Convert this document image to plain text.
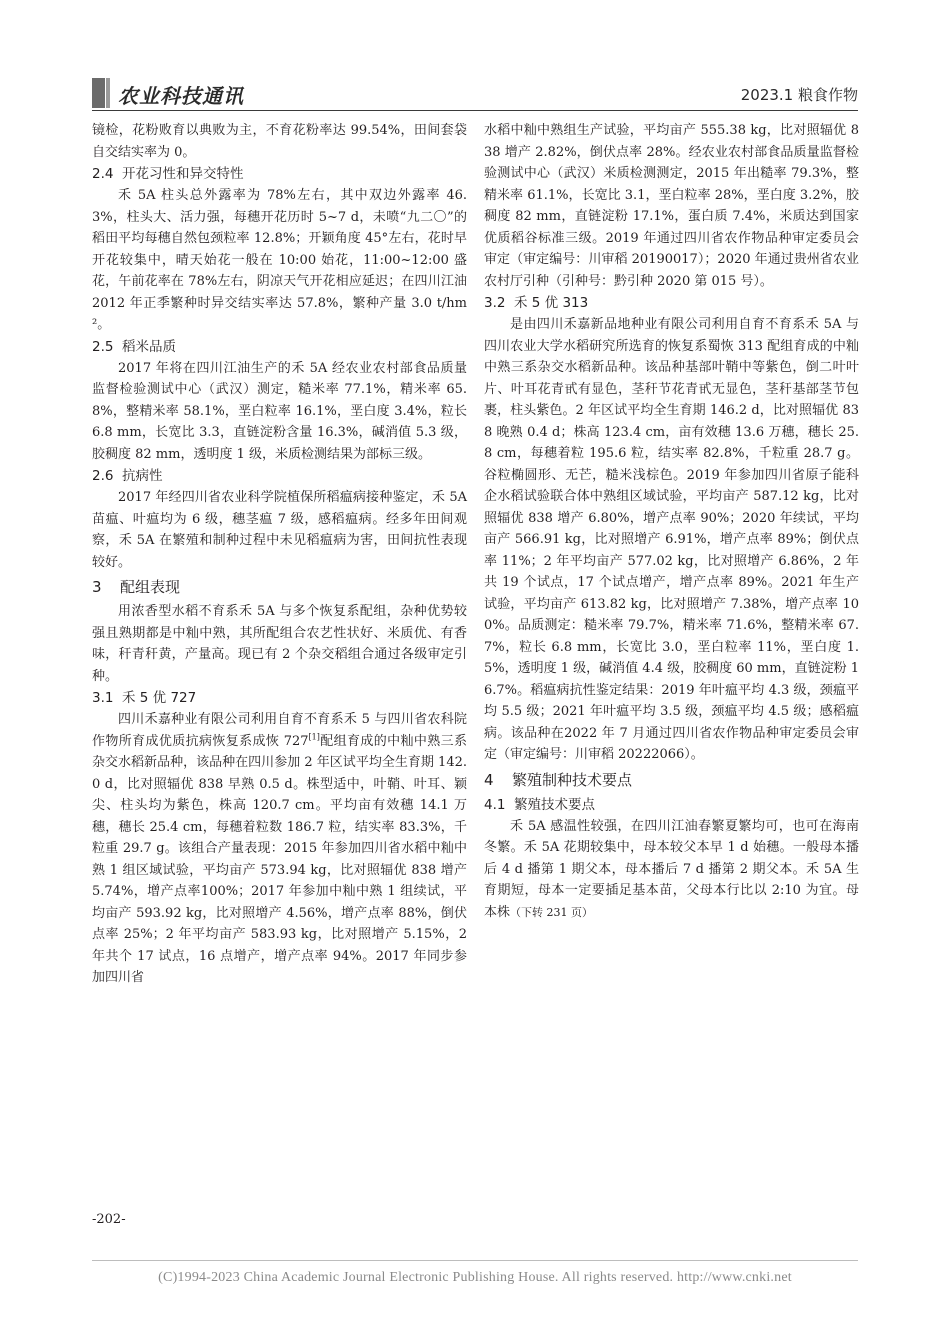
农业科技通讯	2023.1 粮食作物

镜检，花粉败育以典败为主，不育花粉率达 99.54%，田间套袋自交结实率为 0。

2.4 开花习性和异交特性

禾 5A 柱头总外露率为 78%左右，其中双边外露率 46.3%，柱头大、活力强，每穗开花历时 5~7 d，未喷“九二〇”的稻田平均每穗自然包颈粒率 12.8%；开颖角度 45°左右，花时早开花较集中，晴天始花一般在 10:00 始花，11:00~12:00 盛花，午前花率在 78%左右，阴凉天气开花相应延迟；在四川江油 2012 年正季繁种时异交结实率达 57.8%，繁种产量 3.0 t/hm²。

2.5 稻米品质

2017 年将在四川江油生产的禾 5A 经农业农村部食品质量监督检验测试中心（武汉）测定，糙米率 77.1%，精米率 65.8%，整精米率 58.1%，垩白粒率 16.1%，垩白度 3.4%，粒长 6.8 mm，长宽比 3.3，直链淀粉含量 16.3%，碱消值 5.3 级，胶稠度 82 mm，透明度 1 级，米质检测结果为部标三级。

2.6 抗病性

2017 年经四川省农业科学院植保所稻瘟病接种鉴定，禾 5A 苗瘟、叶瘟均为 6 级，穗茎瘟 7 级，感稻瘟病。经多年田间观察，禾 5A 在繁殖和制种过程中未见稻瘟病为害，田间抗性表现较好。

3 配组表现

用浓香型水稻不育系禾 5A 与多个恢复系配组，杂种优势较强且熟期都是中籼中熟，其所配组合农艺性状好、米质优、有香味，秆青秆黄，产量高。现已有 2 个杂交稻组合通过各级审定引种。

3.1 禾 5 优 727

四川禾嘉种业有限公司利用自育不育系禾 5 与四川省农科院作物所育成优质抗病恢复系成恢 727[1]配组育成的中籼中熟三系杂交水稻新品种，该品种在四川参加 2 年区试平均全生育期 142.0 d，比对照辐优 838 早熟 0.5 d。株型适中，叶鞘、叶耳、颖尖、柱头均为紫色，株高 120.7 cm。平均亩有效穗 14.1 万穗，穗长 25.4 cm，每穗着粒数 186.7 粒，结实率 83.3%，千粒重 29.7 g。该组合产量表现：2015 年参加四川省水稻中籼中熟 1 组区域试验，平均亩产 573.94 kg，比对照辐优 838 增产 5.74%，增产点率100%；2017 年参加中籼中熟 1 组续试，平均亩产 593.92 kg，比对照增产 4.56%，增产点率 88%，倒伏点率 25%；2 年平均亩产 583.93 kg，比对照增产 5.15%，2 年共个 17 试点，16 点增产，增产点率 94%。2017 年同步参加四川省

水稻中籼中熟组生产试验，平均亩产 555.38 kg，比对照辐优 838 增产 2.82%，倒伏点率 28%。经农业农村部食品质量监督检验测试中心（武汉）米质检测测定，2015 年出糙率 79.3%，整精米率 61.1%，长宽比 3.1，垩白粒率 28%，垩白度 3.2%，胶稠度 82 mm，直链淀粉 17.1%，蛋白质 7.4%，米质达到国家优质稻谷标准三级。2019 年通过四川省农作物品种审定委员会审定（审定编号：川审稻 20190017）；2020 年通过贵州省农业农村厅引种（引种号：黔引种 2020 第 015 号）。

3.2 禾 5 优 313

是由四川禾嘉新品地种业有限公司利用自育不育系禾 5A 与四川农业大学水稻研究所选育的恢复系蜀恢 313 配组育成的中籼中熟三系杂交水稻新品种。该品种基部叶鞘中等紫色，倒二叶叶片、叶耳花青甙有显色，茎秆节花青甙无显色，茎秆基部茎节包裹，柱头紫色。2 年区试平均全生育期 146.2 d，比对照辐优 838 晚熟 0.4 d；株高 123.4 cm，亩有效穗 13.6 万穗，穗长 25.8 cm，每穗着粒 195.6 粒，结实率 82.8%，千粒重 28.7 g。谷粒椭圆形、无芒，糙米浅棕色。2019 年参加四川省原子能科企水稻试验联合体中熟组区域试验，平均亩产 587.12 kg，比对照辐优 838 增产 6.80%，增产点率 90%；2020 年续试，平均亩产 566.91 kg，比对照增产 6.91%，增产点率 89%；倒伏点率 11%；2 年平均亩产 577.02 kg，比对照增产 6.86%，2 年共 19 个试点，17 个试点增产，增产点率 89%。2021 年生产试验，平均亩产 613.82 kg，比对照增产 7.38%，增产点率 100%。品质测定：糙米率 79.7%，精米率 71.6%，整精米率 67.7%，粒长 6.8 mm，长宽比 3.0，垩白粒率 11%，垩白度 1.5%，透明度 1 级，碱消值 4.4 级，胶稠度 60 mm，直链淀粉 16.7%。稻瘟病抗性鉴定结果：2019 年叶瘟平均 4.3 级，颈瘟平均 5.5 级；2021 年叶瘟平均 3.5 级，颈瘟平均 4.5 级；感稻瘟病。该品种在2022 年 7 月通过四川省农作物品种审定委员会审定（审定编号：川审稻 20222066）。

4 繁殖制种技术要点
4.1 繁殖技术要点

禾 5A 感温性较强，在四川江油春繁夏繁均可，也可在海南冬繁。禾 5A 花期较集中，母本较父本早 1 d 始穗。一般母本播后 4 d 播第 1 期父本，母本播后 7 d 播第 2 期父本。禾 5A 生育期短，母本一定要插足基本苗，父母本行比以 2:10 为宜。母本株（下转 231 页）

-202-
(C)1994-2023 China Academic Journal Electronic Publishing House. All rights reserved. http://www.cnki.net
